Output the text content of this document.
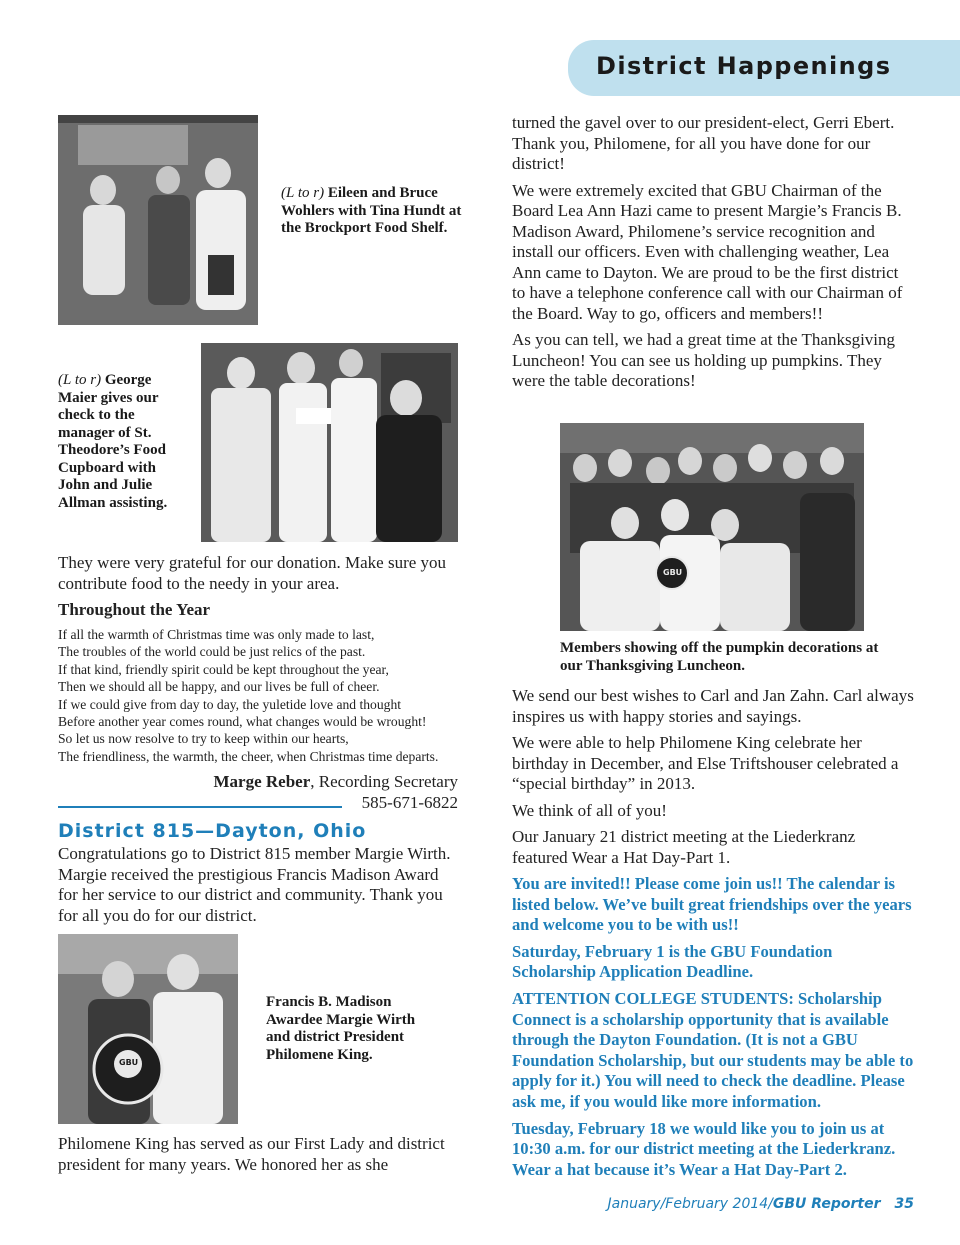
District Happenings
(L to r) Eileen and Bruce Wohlers with Tina Hundt at the Brockport Food Shelf.
(L to r) George Maier gives our check to the manager of St. Theodore’s Food Cupboard with John and Julie Allman assisting.

They were very grateful for our donation. Make sure you contribute food to the needy in your area.

Throughout the Year

If all the warmth of Christmas time was only made to last,
The troubles of the world could be just relics of the past.
If that kind, friendly spirit could be kept throughout the year,
Then we should all be happy, and our lives be full of cheer.
If we could give from day to day, the yuletide love and thought
Before another year comes round, what changes would be wrought!
So let us now resolve to try to keep within our hearts,
The friendliness, the warmth, the cheer, when Christmas time departs.
Marge Reber, Recording Secretary
585-671-6822
District 815—Dayton, Ohio

Congratulations go to District 815 member Margie Wirth. Margie received the prestigious Francis Madison Award for her service to our district and community. Thank you for all you do for our district.

GBU
Francis B. Madison Awardee Margie Wirth and district President Philomene King.

Philomene King has served as our First Lady and district president for many years. We honored her as she

turned the gavel over to our president-elect, Gerri Ebert. Thank you, Philomene, for all you have done for our district!

We were extremely excited that GBU Chairman of the Board Lea Ann Hazi came to present Margie’s Francis B. Madison Award, Philomene’s service recognition and install our officers. Even with challenging weather, Lea Ann came to Dayton. We are proud to be the first district to have a telephone conference call with our Chairman of the Board. Way to go, officers and members!!

As you can tell, we had a great time at the Thanksgiving Luncheon! You can see us holding up pumpkins. They were the table decorations!

GBU
Members showing off the pumpkin decorations at our Thanksgiving Luncheon.

We send our best wishes to Carl and Jan Zahn. Carl always inspires us with happy stories and sayings.

We were able to help Philomene King celebrate her birthday in December, and Else Triftshouser celebrated a “special birthday” in 2013.

We think of all of you!

Our January 21 district meeting at the Liederkranz featured Wear a Hat Day-Part 1.

You are invited!! Please come join us!! The calendar is listed below. We’ve built great friendships over the years and welcome you to be with us!!

Saturday, February 1 is the GBU Foundation Scholarship Application Deadline.

ATTENTION COLLEGE STUDENTS: Scholarship Connect is a scholarship opportunity that is available through the Dayton Foundation. (It is not a GBU Foundation Scholarship, but our students may be able to apply for it.) You will need to check the deadline. Please ask me, if you would like more information.

Tuesday, February 18 we would like you to join us at 10:30 a.m. for our district meeting at the Liederkranz. Wear a hat because it’s Wear a Hat Day-Part 2.

January/February 2014/GBU Reporter 35
